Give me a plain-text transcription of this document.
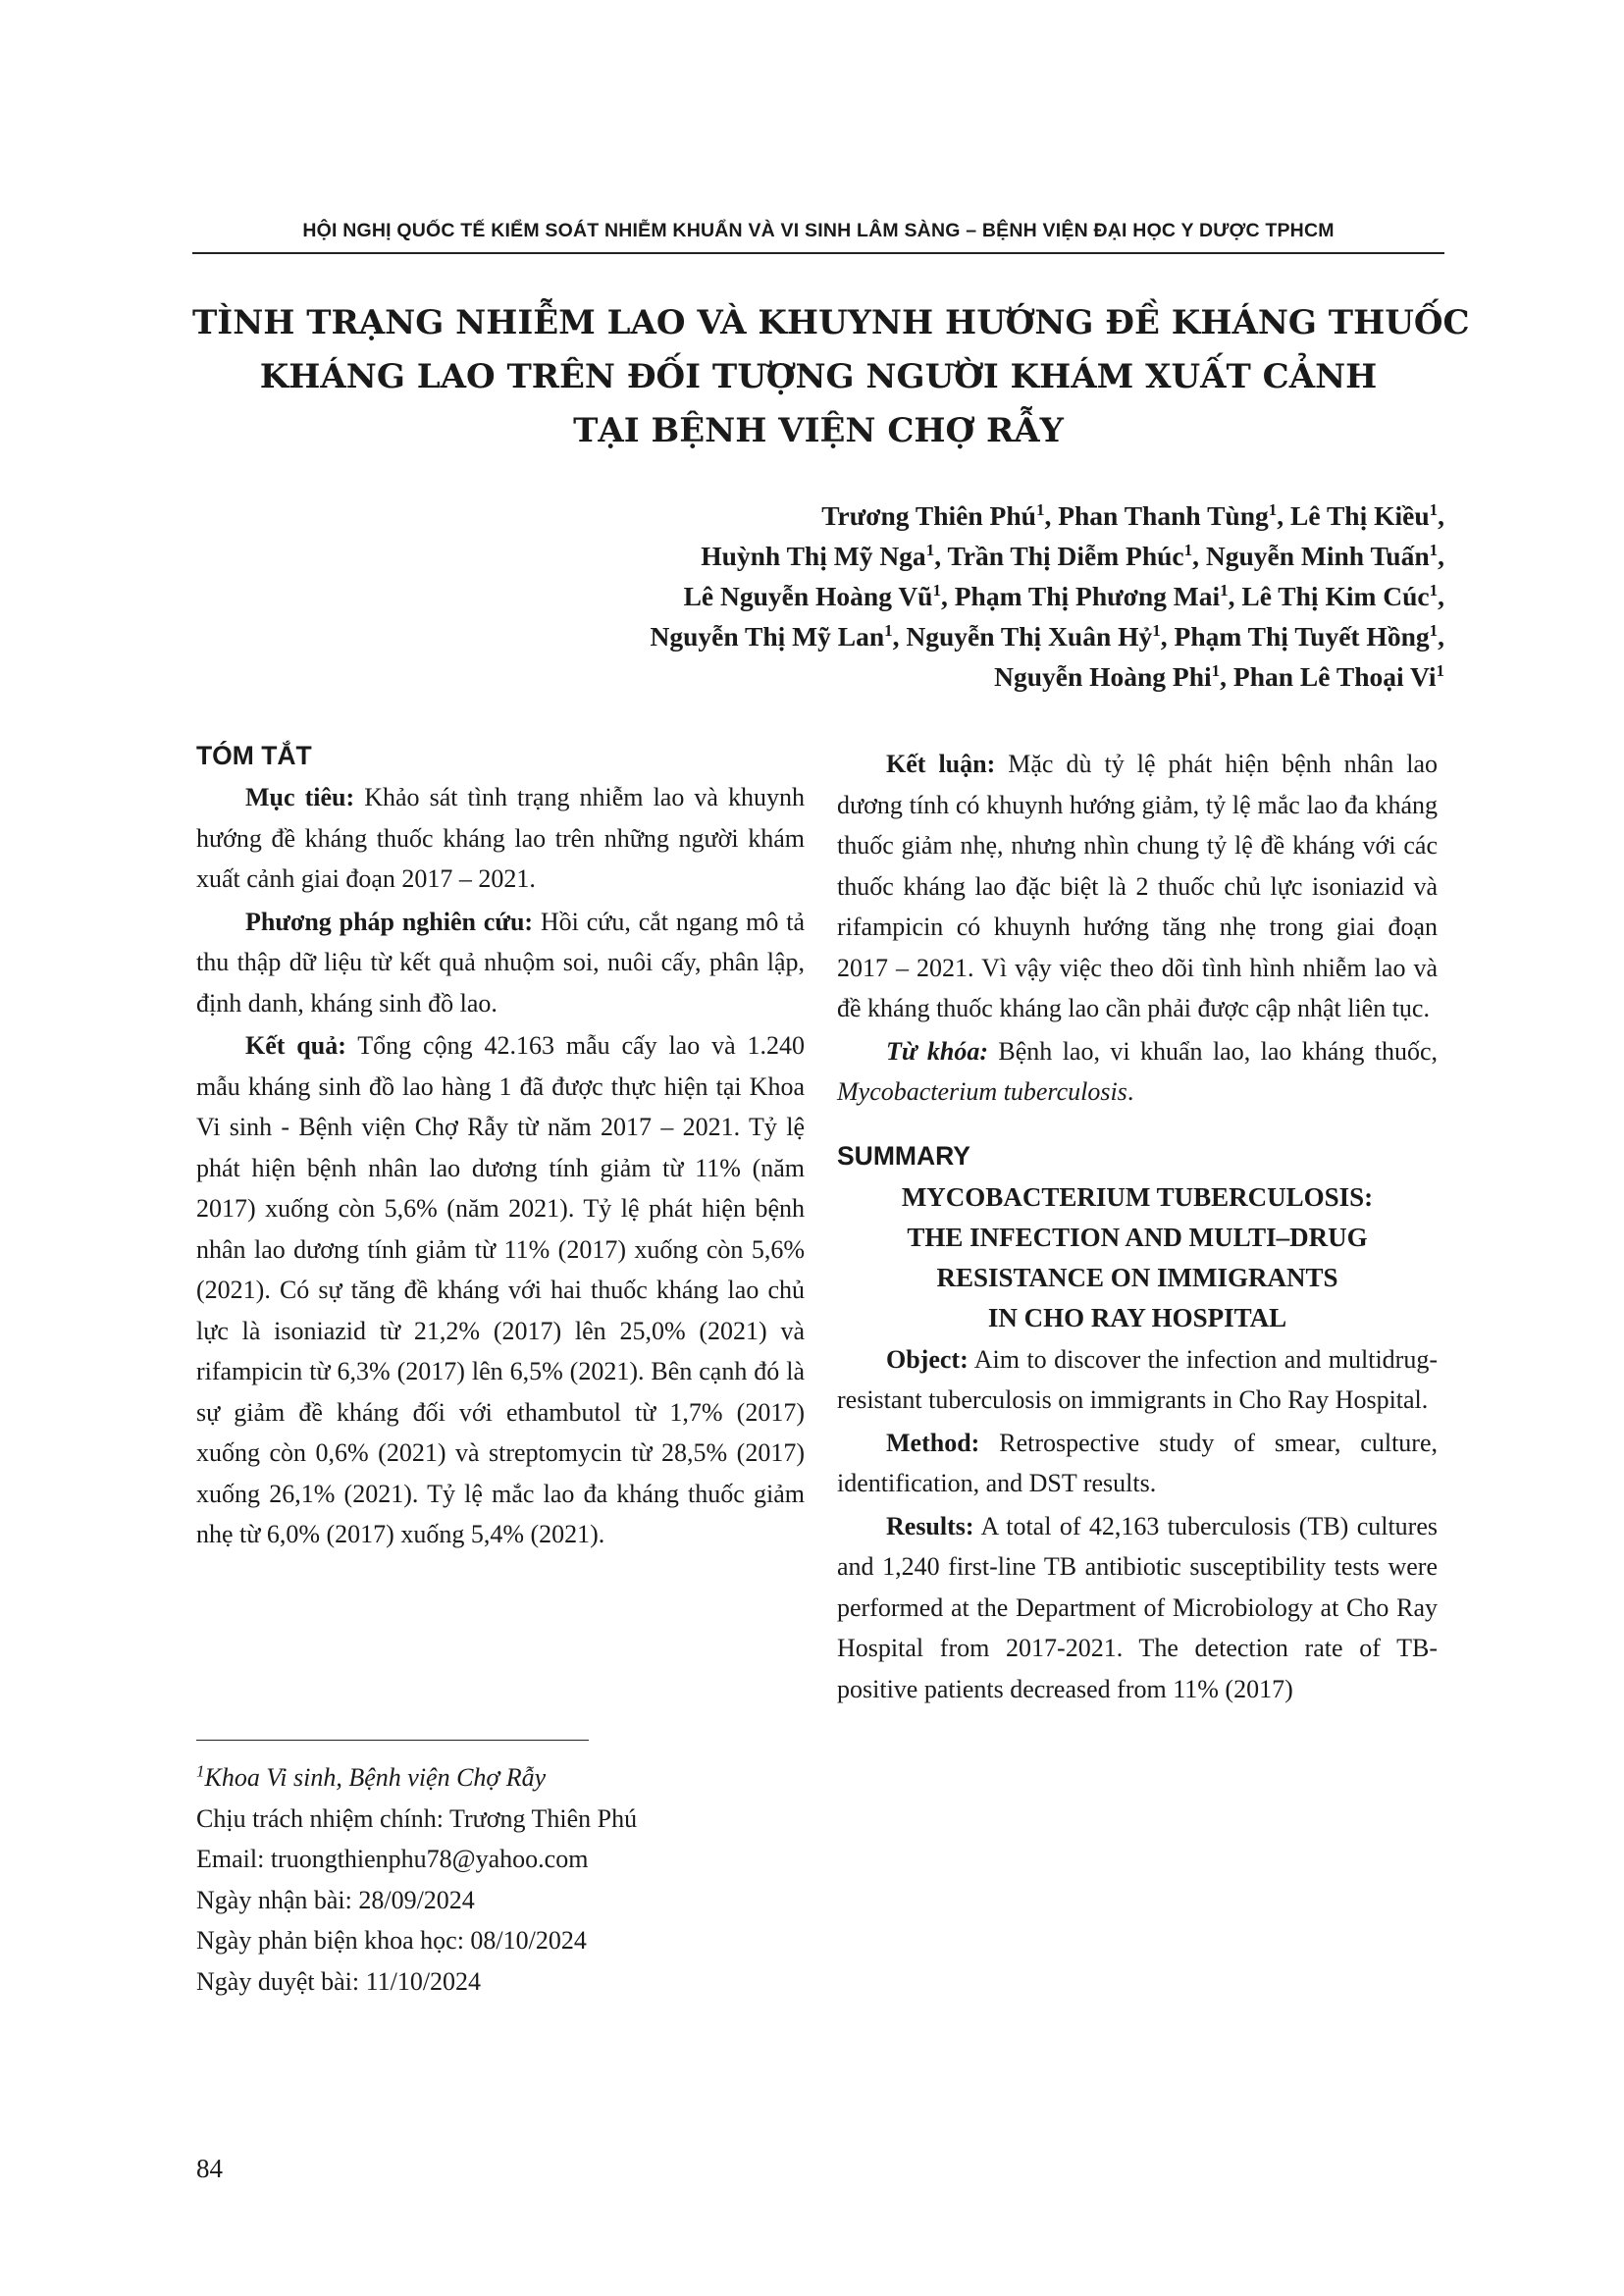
HỘI NGHỊ QUỐC TẾ KIỂM SOÁT NHIỄM KHUẨN VÀ VI SINH LÂM SÀNG – BỆNH VIỆN ĐẠI HỌC Y DƯỢC TPHCM
TÌNH TRẠNG NHIỄM LAO VÀ KHUYNH HƯỚNG ĐỀ KHÁNG THUỐC
KHÁNG LAO TRÊN ĐỐI TƯỢNG NGƯỜI KHÁM XUẤT CẢNH
TẠI BỆNH VIỆN CHỢ RẪY
Trương Thiên Phú$^1$, Phan Thanh Tùng$^1$, Lê Thị Kiều$^1$,
Huỳnh Thị Mỹ Nga$^1$, Trần Thị Diễm Phúc$^1$, Nguyễn Minh Tuấn$^1$,
Lê Nguyễn Hoàng $Vũ^1$, Phạm Thị Phương Mai$^1$, Lê Thị Kim Cúc$^1$,
Nguyễn Thị Mỹ Lan$^1$, Nguyễn Thị Xuân Hỷ$^1$, Phạm Thị Tuyết Hồng$^1$,
Nguyễn Hoàng Phi$^1$, Phan Lê Thoại Vi$^1$
TÓM TẮT

Mục tiêu: Khảo sát tình trạng nhiễm lao và khuynh hướng đề kháng thuốc kháng lao trên những người khám xuất cảnh giai đoạn 2017 – 2021.

Phương pháp nghiên cứu: Hồi cứu, cắt ngang mô tả thu thập dữ liệu từ kết quả nhuộm soi, nuôi cấy, phân lập, định danh, kháng sinh đồ lao.

Kết quả: Tổng cộng 42.163 mẫu cấy lao và 1.240 mẫu kháng sinh đồ lao hàng 1 đã được thực hiện tại Khoa Vi sinh - Bệnh viện Chợ Rẫy từ năm 2017 – 2021. Tỷ lệ phát hiện bệnh nhân lao dương tính giảm từ 11% (năm 2017) xuống còn 5,6% (năm 2021). Tỷ lệ phát hiện bệnh nhân lao dương tính giảm từ 11% (2017) xuống còn 5,6% (2021). Có sự tăng đề kháng với hai thuốc kháng lao chủ lực là isoniazid từ 21,2% (2017) lên 25,0% (2021) và rifampicin từ 6,3% (2017) lên 6,5% (2021). Bên cạnh đó là sự giảm đề kháng đối với ethambutol từ 1,7% (2017) xuống còn 0,6% (2021) và streptomycin từ 28,5% (2017) xuống 26,1% (2021). Tỷ lệ mắc lao đa kháng thuốc giảm nhẹ từ 6,0% (2017) xuống 5,4% (2021).

Kết luận: Mặc dù tỷ lệ phát hiện bệnh nhân lao dương tính có khuynh hướng giảm, tỷ lệ mắc lao đa kháng thuốc giảm nhẹ, nhưng nhìn chung tỷ lệ đề kháng với các thuốc kháng lao đặc biệt là 2 thuốc chủ lực isoniazid và rifampicin có khuynh hướng tăng nhẹ trong giai đoạn 2017 – 2021. Vì vậy việc theo dõi tình hình nhiễm lao và đề kháng thuốc kháng lao cần phải được cập nhật liên tục.

Từ khóa: Bệnh lao, vi khuẩn lao, lao kháng thuốc, Mycobacterium tuberculosis.

SUMMARY
MYCOBACTERIUM TUBERCULOSIS:
THE INFECTION AND MULTI–DRUG
RESISTANCE ON IMMIGRANTS
IN CHO RAY HOSPITAL

Object: Aim to discover the infection and multidrug-resistant tuberculosis on immigrants in Cho Ray Hospital.

Method: Retrospective study of smear, culture, identification, and DST results.

Results: A total of 42,163 tuberculosis (TB) cultures and 1,240 first-line TB antibiotic susceptibility tests were performed at the Department of Microbiology at Cho Ray Hospital from 2017-2021. The detection rate of TB-positive patients decreased from 11% (2017)

$^1$Khoa Vi sinh, Bệnh viện Chợ Rẫy
Chịu trách nhiệm chính: Trương Thiên Phú
Email: truongthienphu78@yahoo.com
Ngày nhận bài: 28/09/2024
Ngày phản biện khoa học: 08/10/2024
Ngày duyệt bài: 11/10/2024
84
